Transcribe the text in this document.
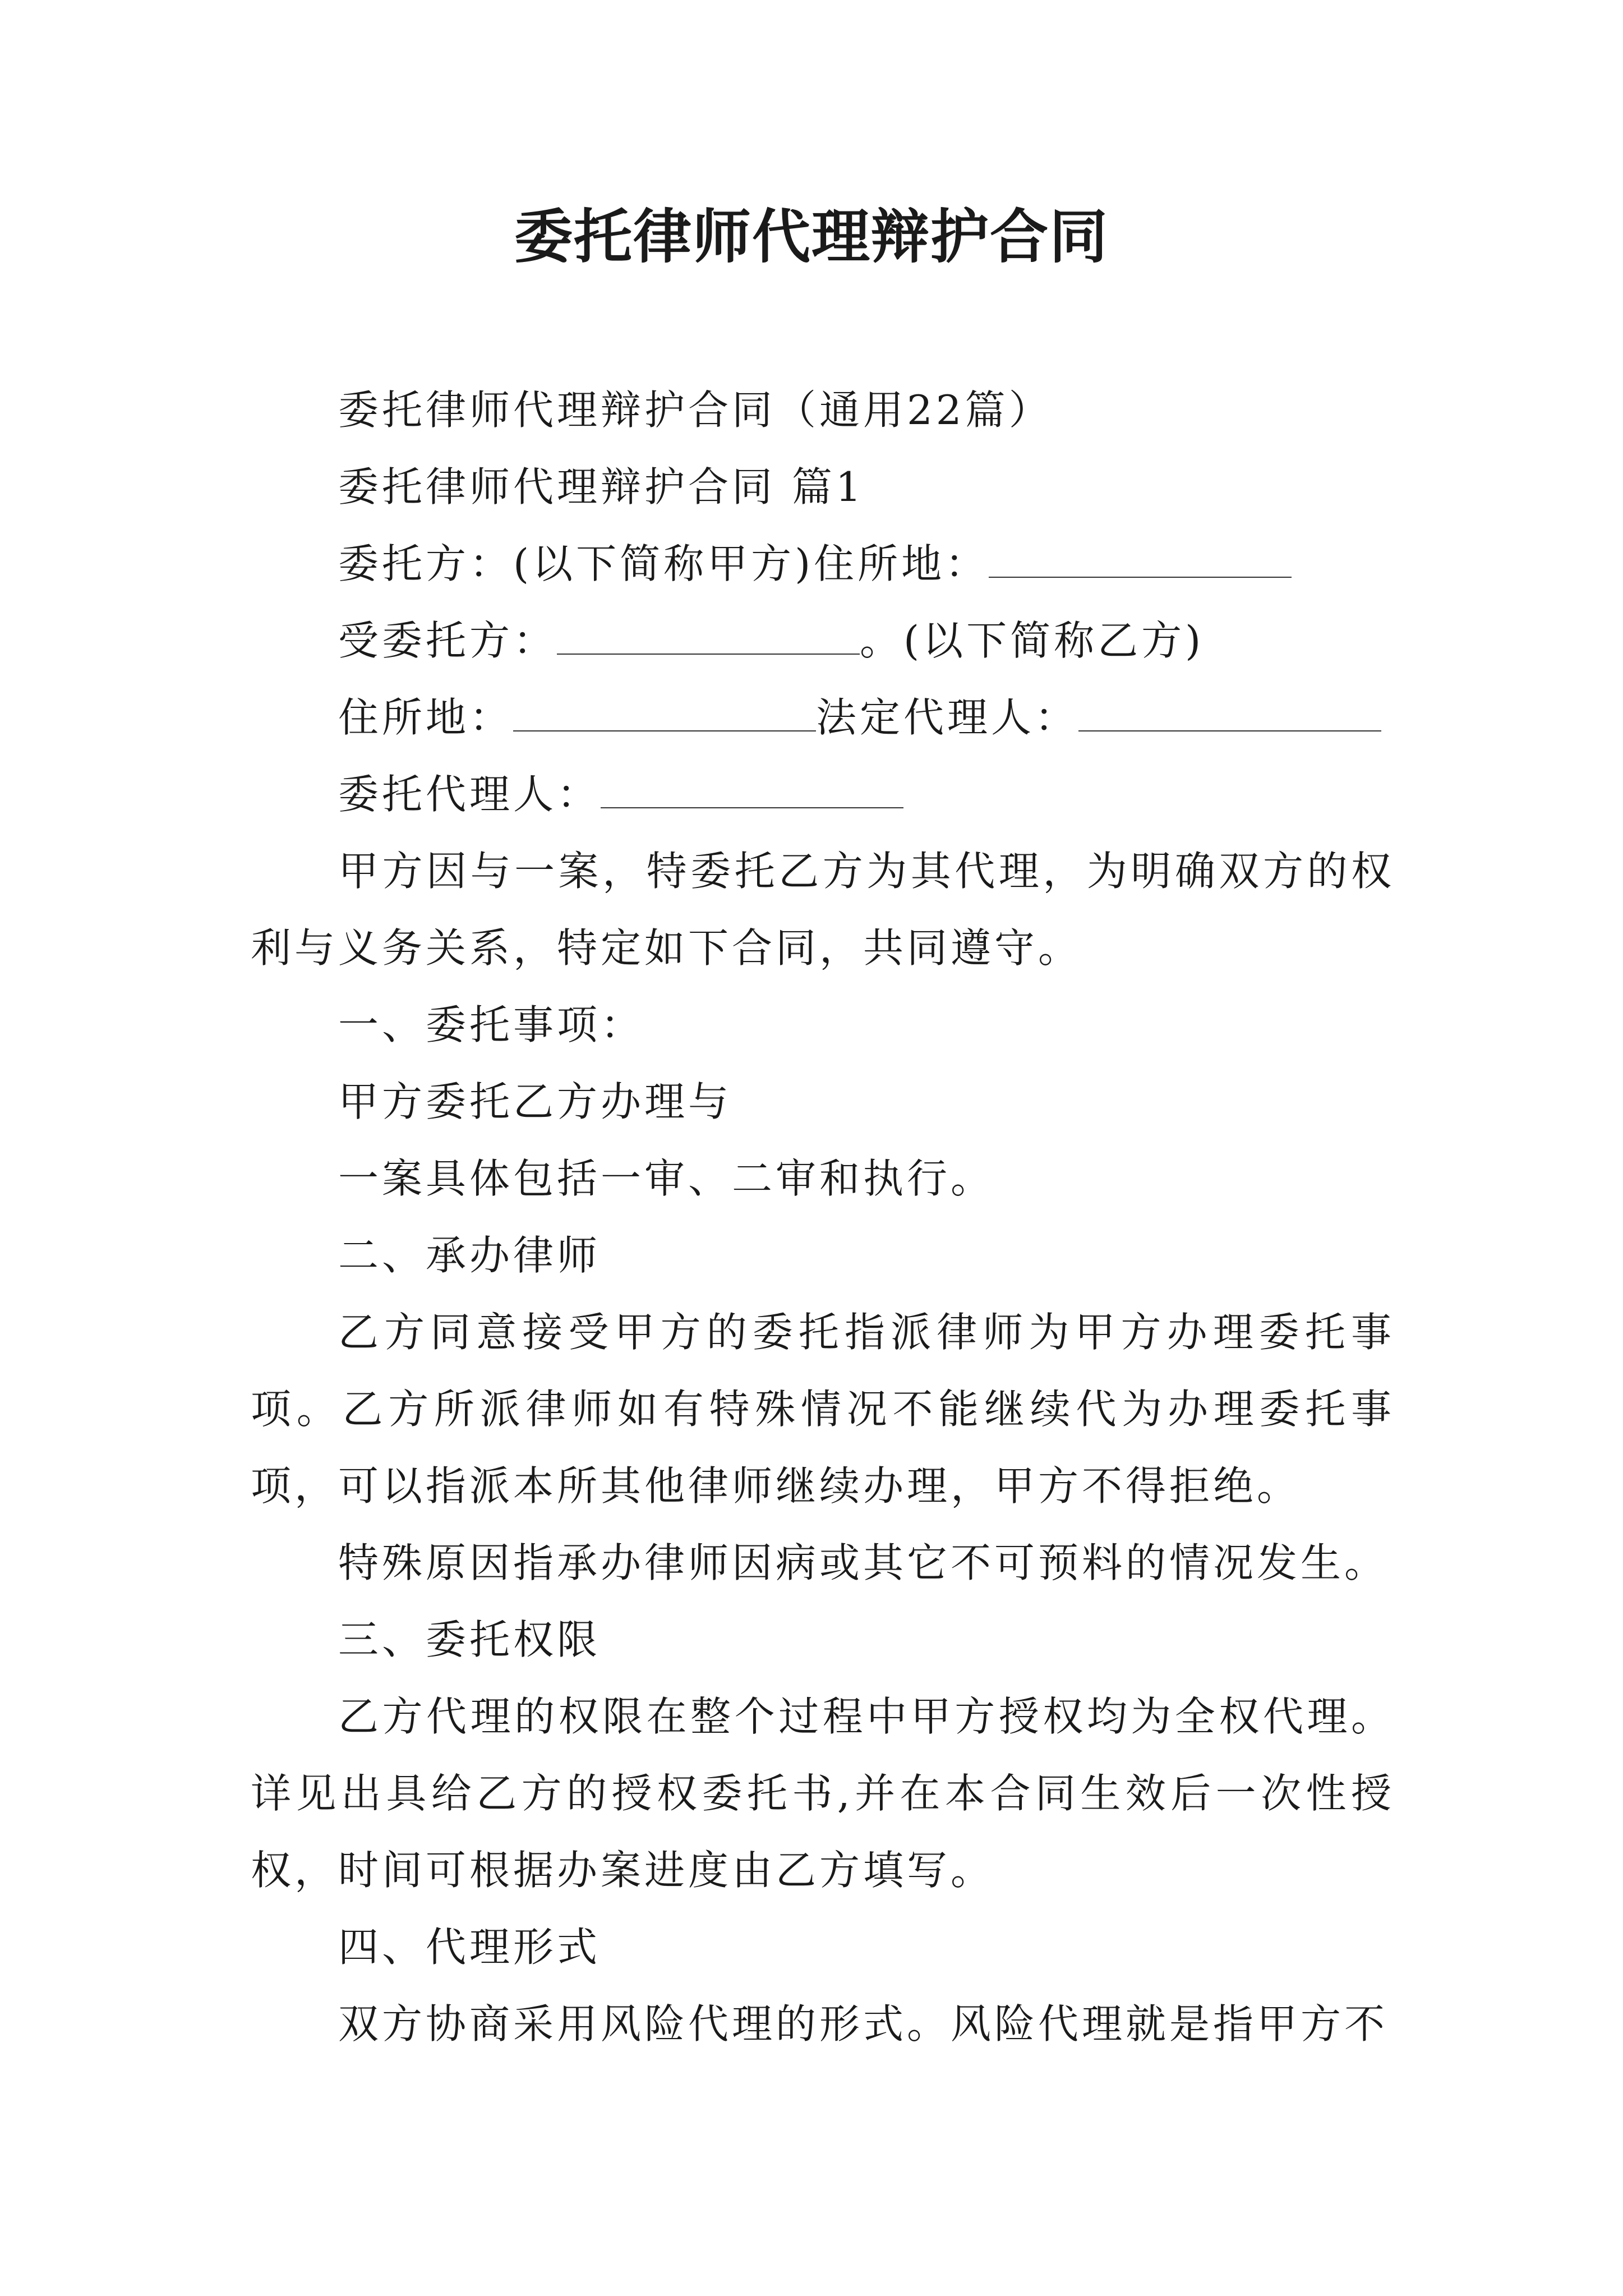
委托律师代理辩护合同

委托律师代理辩护合同（通用22篇）

委托律师代理辩护合同 篇1

委托方：(以下简称甲方)住所地：

受委托方：	。(以下简称乙方)

住所地：	法定代理人：

委托代理人：

甲方因与一案，特委托乙方为其代理，为明确双方的权利与义务关系，特定如下合同，共同遵守。

一、委托事项：

甲方委托乙方办理与

一案具体包括一审、二审和执行。

二、承办律师

乙方同意接受甲方的委托指派律师为甲方办理委托事项。乙方所派律师如有特殊情况不能继续代为办理委托事项，可以指派本所其他律师继续办理，甲方不得拒绝。

特殊原因指承办律师因病或其它不可预料的情况发生。

三、委托权限

乙方代理的权限在整个过程中甲方授权均为全权代理。详见出具给乙方的授权委托书,并在本合同生效后一次性授权，时间可根据办案进度由乙方填写。

四、代理形式

双方协商采用风险代理的形式。风险代理就是指甲方不
